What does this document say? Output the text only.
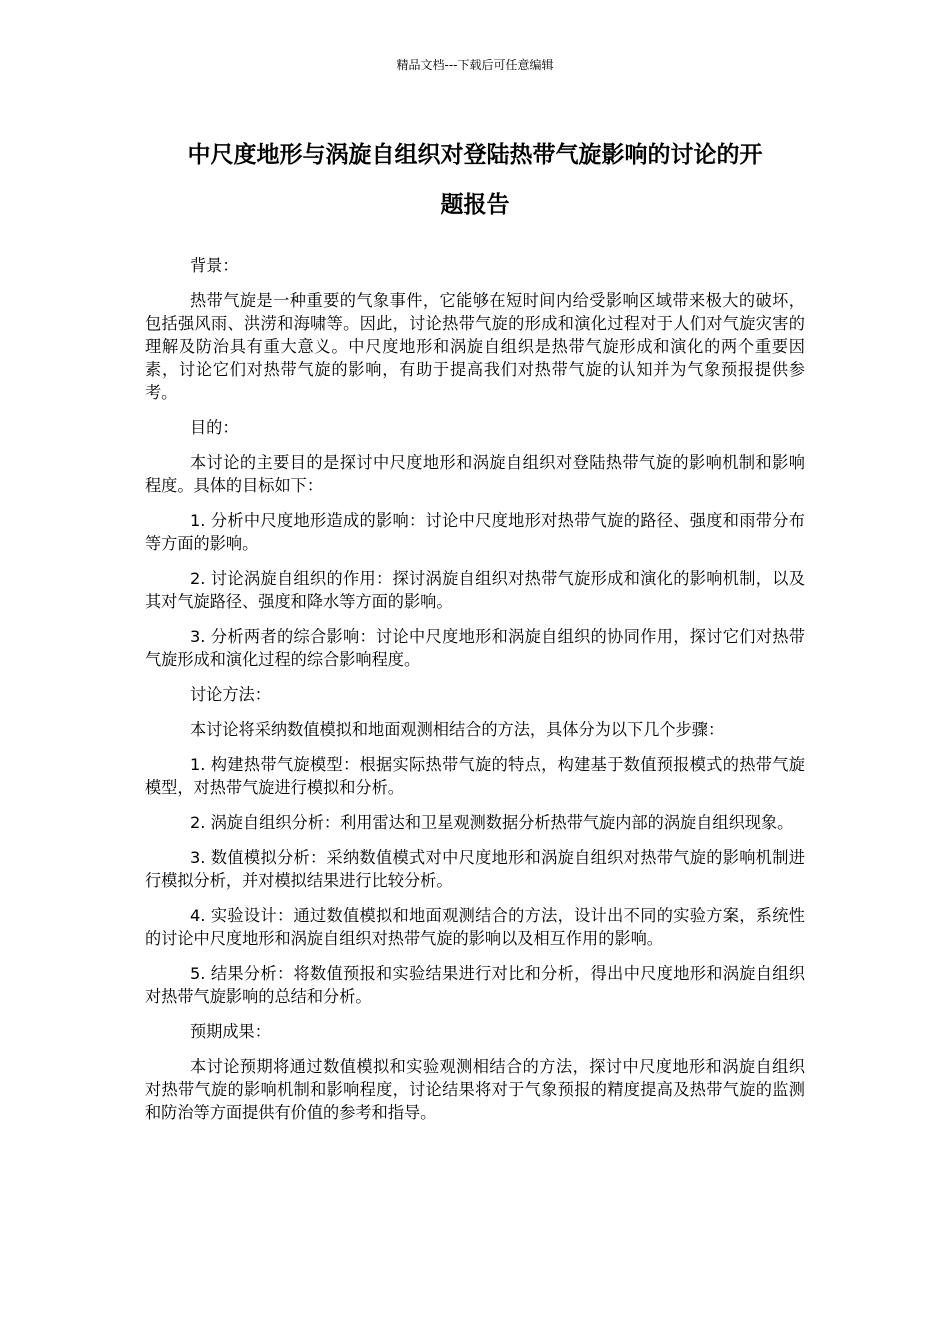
精品文档---下载后可任意编辑
中尺度地形与涡旋自组织对登陆热带气旋影响的讨论的开
题报告

背景：

热带气旋是一种重要的气象事件，它能够在短时间内给受影响区域带来极大的破坏，包括强风雨、洪涝和海啸等。因此，讨论热带气旋的形成和演化过程对于人们对气旋灾害的理解及防治具有重大意义。中尺度地形和涡旋自组织是热带气旋形成和演化的两个重要因素，讨论它们对热带气旋的影响，有助于提高我们对热带气旋的认知并为气象预报提供参考。

目的：

本讨论的主要目的是探讨中尺度地形和涡旋自组织对登陆热带气旋的影响机制和影响程度。具体的目标如下：

1. 分析中尺度地形造成的影响：讨论中尺度地形对热带气旋的路径、强度和雨带分布等方面的影响。

2. 讨论涡旋自组织的作用：探讨涡旋自组织对热带气旋形成和演化的影响机制，以及其对气旋路径、强度和降水等方面的影响。

3. 分析两者的综合影响：讨论中尺度地形和涡旋自组织的协同作用，探讨它们对热带气旋形成和演化过程的综合影响程度。

讨论方法：

本讨论将采纳数值模拟和地面观测相结合的方法，具体分为以下几个步骤：

1. 构建热带气旋模型：根据实际热带气旋的特点，构建基于数值预报模式的热带气旋模型，对热带气旋进行模拟和分析。

2. 涡旋自组织分析：利用雷达和卫星观测数据分析热带气旋内部的涡旋自组织现象。

3. 数值模拟分析：采纳数值模式对中尺度地形和涡旋自组织对热带气旋的影响机制进行模拟分析，并对模拟结果进行比较分析。

4. 实验设计：通过数值模拟和地面观测结合的方法，设计出不同的实验方案，系统性的讨论中尺度地形和涡旋自组织对热带气旋的影响以及相互作用的影响。

5. 结果分析：将数值预报和实验结果进行对比和分析，得出中尺度地形和涡旋自组织对热带气旋影响的总结和分析。

预期成果：

本讨论预期将通过数值模拟和实验观测相结合的方法，探讨中尺度地形和涡旋自组织对热带气旋的影响机制和影响程度，讨论结果将对于气象预报的精度提高及热带气旋的监测和防治等方面提供有价值的参考和指导。
